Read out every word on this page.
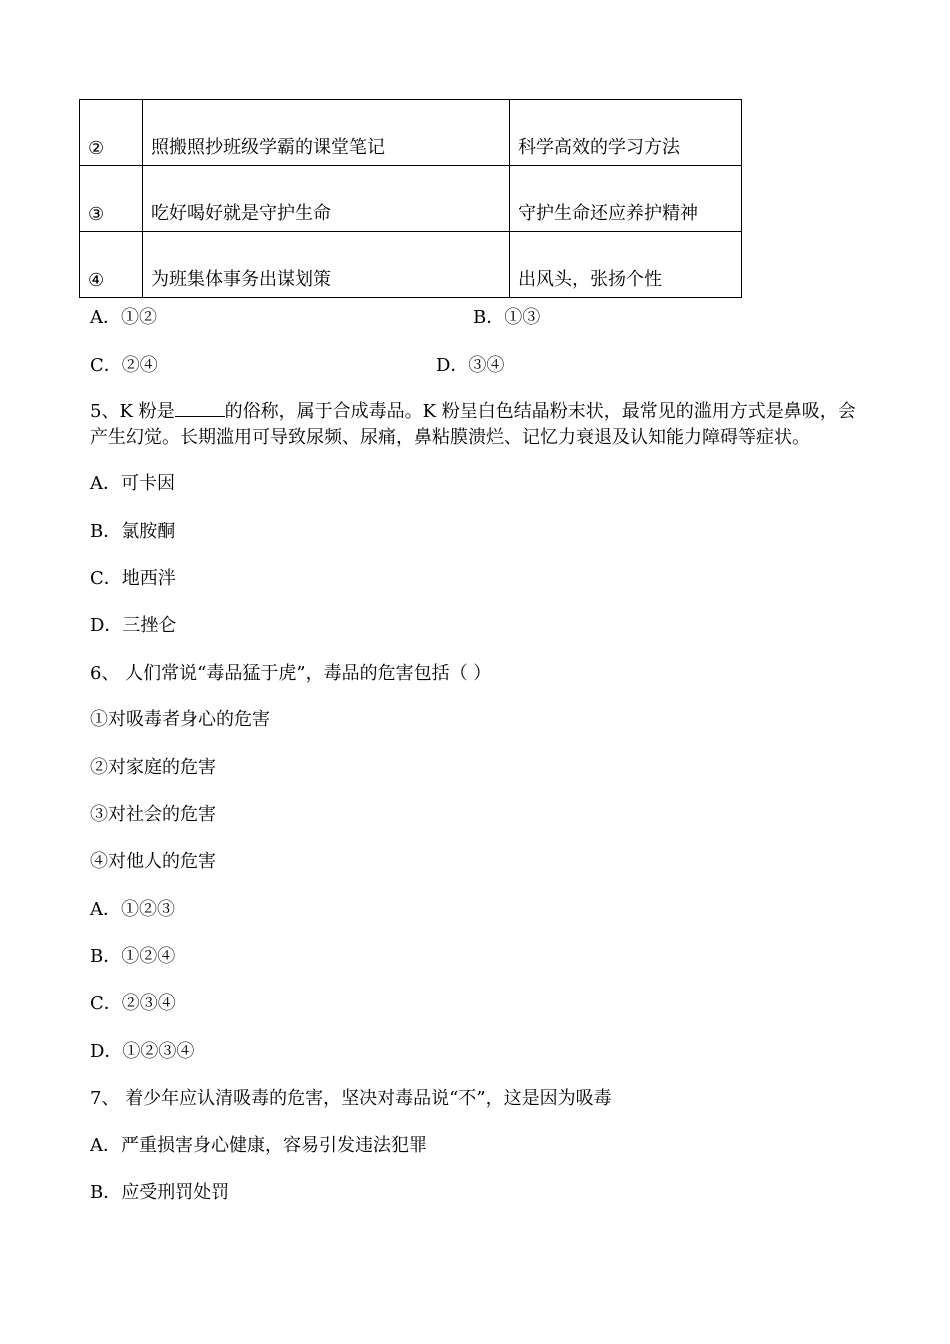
②	照搬照抄班级学霸的课堂笔记	科学高效的学习方法
③	吃好喝好就是守护生命	守护生命还应养护精神
④	为班集体事务出谋划策	出风头，张扬个性
A．①②	B．①③
C．②④	D．③④
5、K 粉是	的俗称，属于合成毒品。K 粉呈白色结晶粉末状，最常见的滥用方式是鼻吸，会
产生幻觉。长期滥用可导致尿频、尿痛，鼻粘膜溃烂、记忆力衰退及认知能力障碍等症状。
A．可卡因
B．氯胺酮
C．地西泮
D．三挫仑
6、 人们常说“毒品猛于虎”，毒品的危害包括（ ）
①对吸毒者身心的危害
②对家庭的危害
③对社会的危害
④对他人的危害
A．①②③
B．①②④
C．②③④
D．①②③④
7、 着少年应认清吸毒的危害，坚决对毒品说“不”，这是因为吸毒
A．严重损害身心健康，容易引发违法犯罪
B．应受刑罚处罚
